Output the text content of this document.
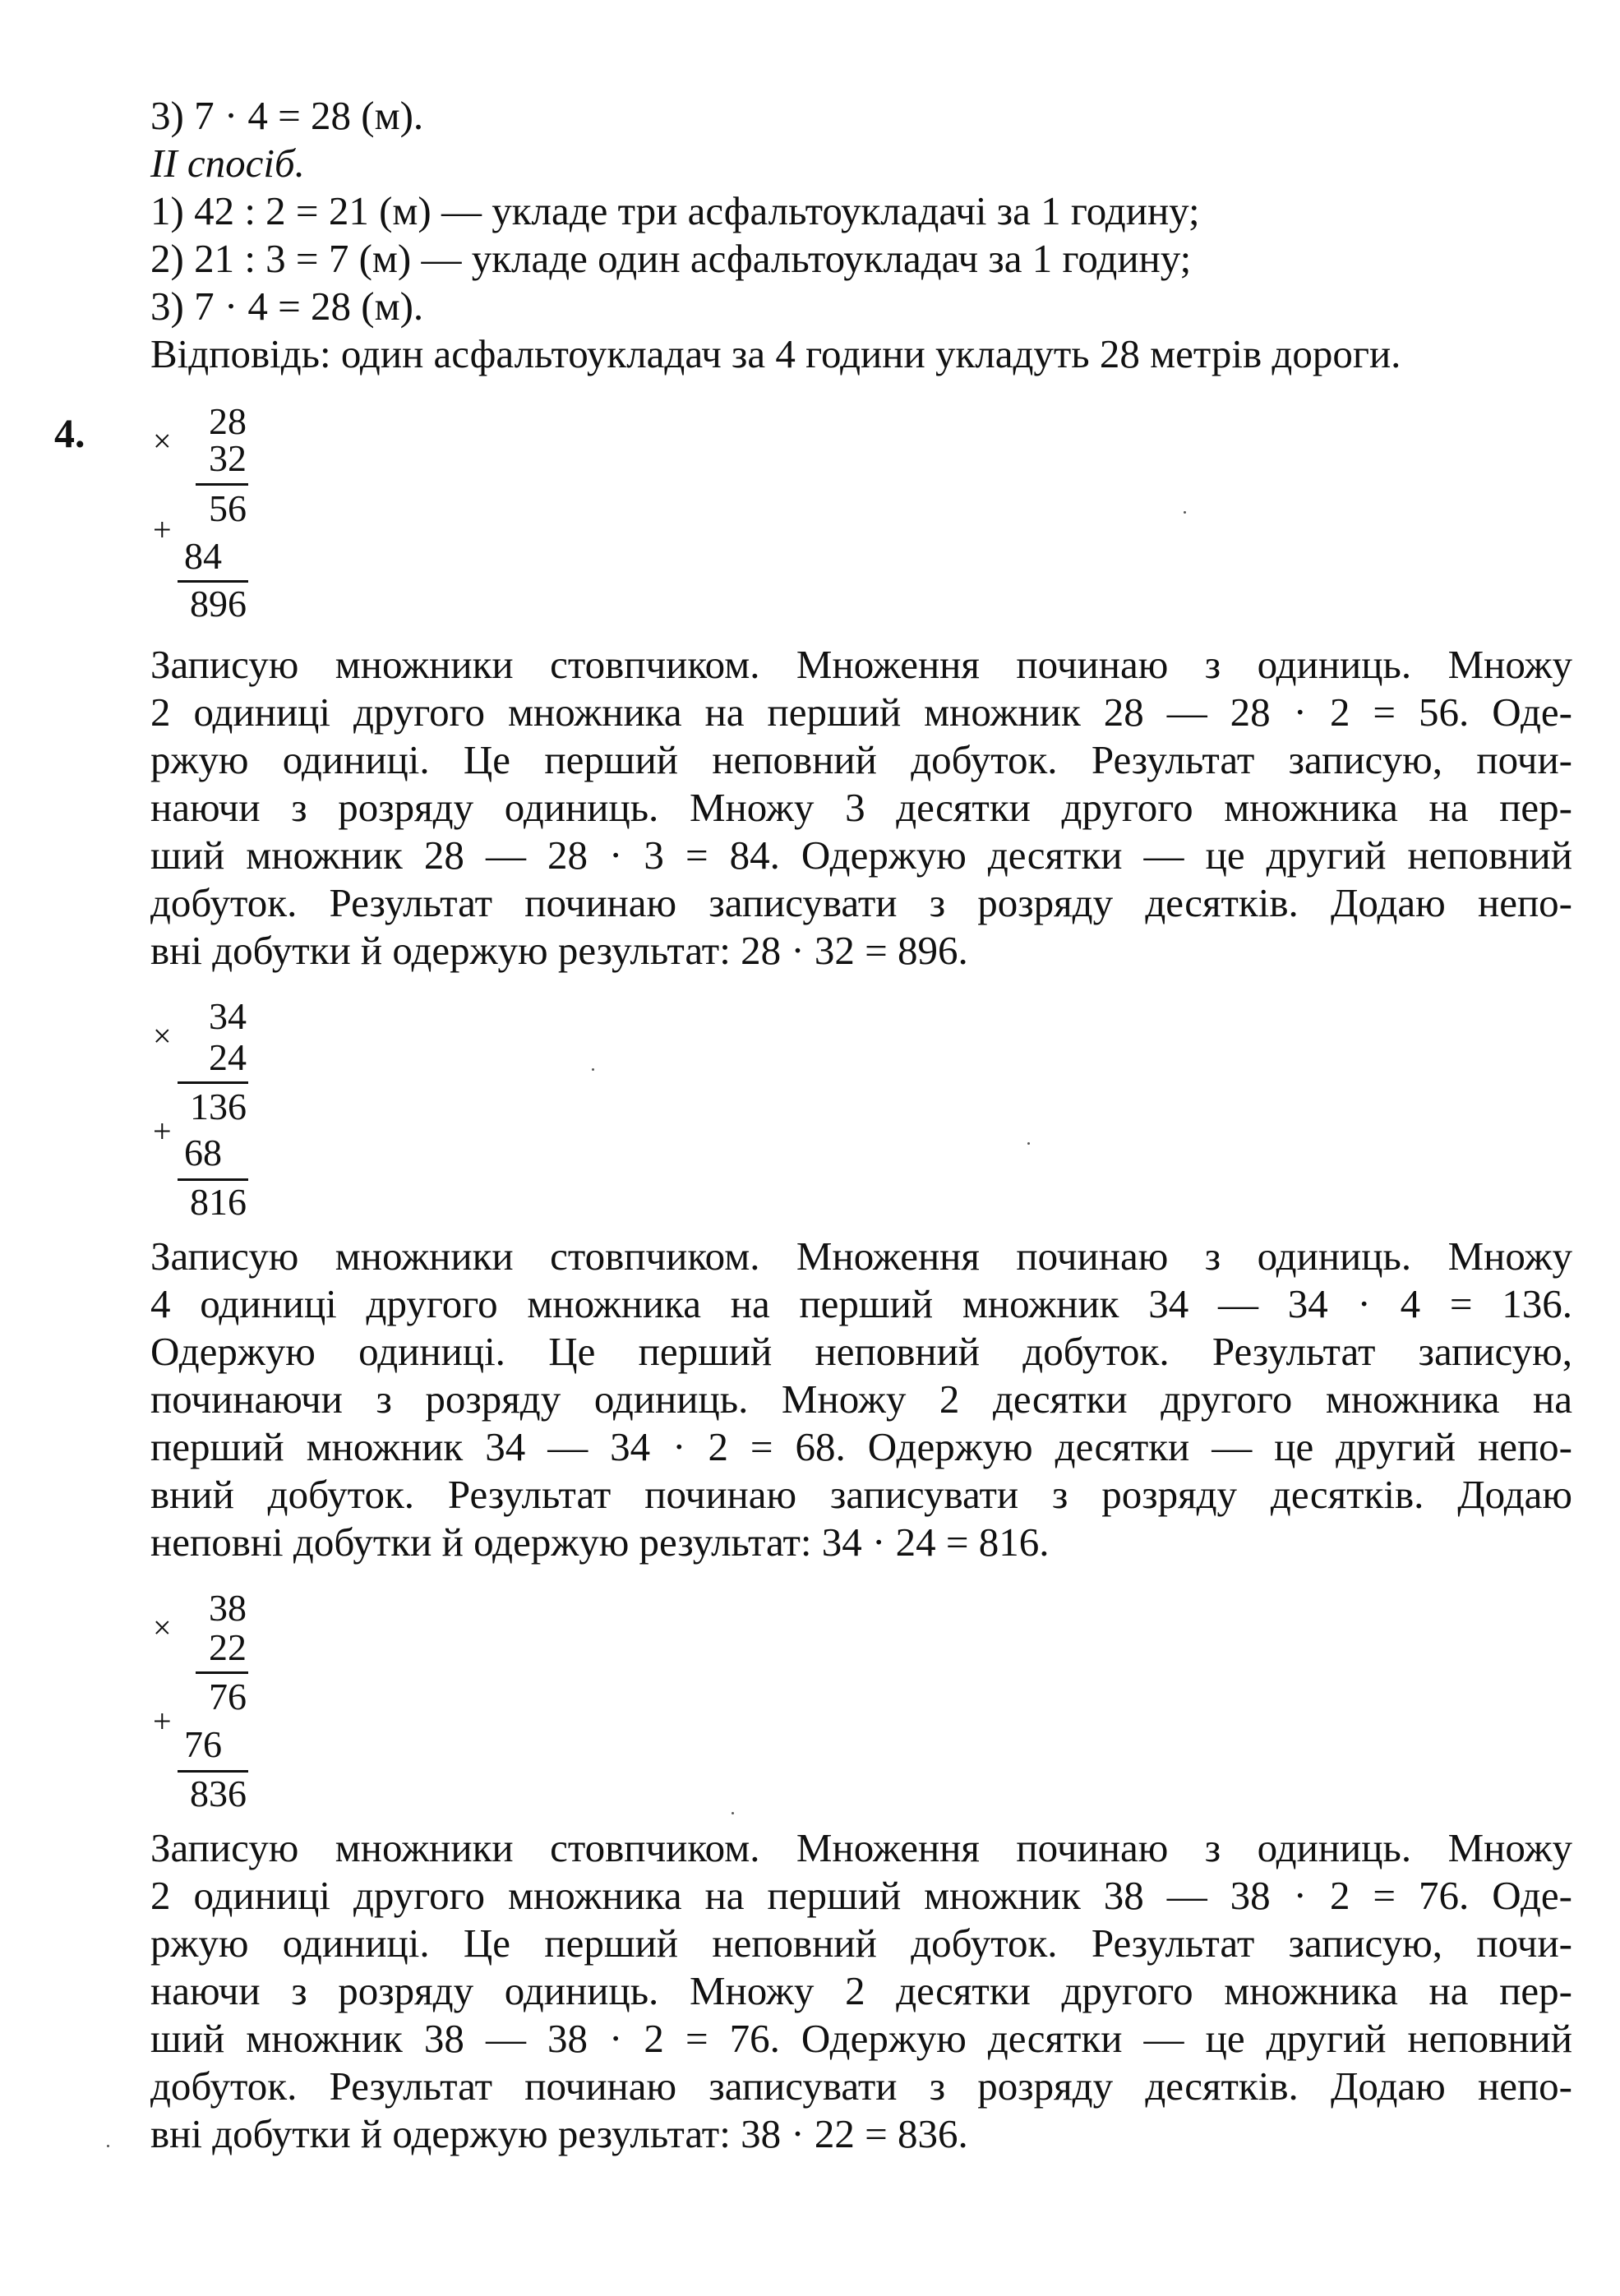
3) 7 · 4 = 28 (м).
ІІ спосіб.
1) 42 : 2 = 21 (м) — укладе три асфальтоукладачі за 1 годину;
2) 21 : 3 = 7 (м) — укладе один асфальтоукладач за 1 годину;
3) 7 · 4 = 28 (м).
Відповідь: один асфальтоукладач за 4 години укладуть 28 метрів дороги.
4.	28
× 32
56
+
84
896
Записую множники стовпчиком. Множення починаю з одиниць. Множу
2 одиниці другого множника на перший множник 28 — 28 · 2 = 56. Оде-
ржую одиниці. Це перший неповний добуток. Результат записую, почи-
наючи з розряду одиниць. Множу 3 десятки другого множника на пер-
ший множник 28 — 28 · 3 = 84. Одержую десятки — це другий неповний
добуток. Результат починаю записувати з розряду десятків. Додаю непо-
вні добутки й одержую результат: 28 · 32 = 896.
34
×
24
136
+
68
816
Записую множники стовпчиком. Множення починаю з одиниць. Множу
4 одиниці другого множника на перший множник 34 — 34 · 4 = 136.
Одержую одиниці. Це перший неповний добуток. Результат записую,
починаючи з розряду одиниць. Множу 2 десятки другого множника на
перший множник 34 — 34 · 2 = 68. Одержую десятки — це другий непо-
вний добуток. Результат починаю записувати з розряду десятків. Додаю
неповні добутки й одержую результат: 34 · 24 = 816.
38
× 22
76
+
76
836
Записую множники стовпчиком. Множення починаю з одиниць. Множу
2 одиниці другого множника на перший множник 38 — 38 · 2 = 76. Оде-
ржую одиниці. Це перший неповний добуток. Результат записую, почи-
наючи з розряду одиниць. Множу 2 десятки другого множника на пер-
ший множник 38 — 38 · 2 = 76. Одержую десятки — це другий неповний
добуток. Результат починаю записувати з розряду десятків. Додаю непо-
вні добутки й одержую результат: 38 · 22 = 836.
